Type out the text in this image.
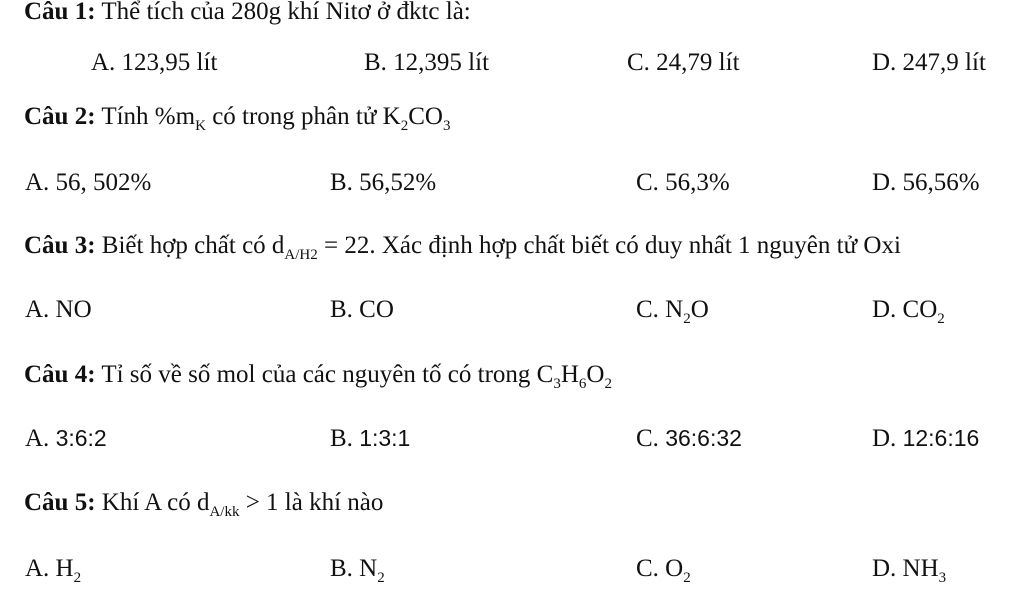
Câu 1: Thể tích của 280g khí Nitơ ở đktc là:
A. 123,95 lít	B. 12,395 lít	C. 24,79 lít	D. 247,9 lít
Câu 2: Tính $\%m_K$ có trong phân tử $K_2CO_3$
A. 56, 502%	B. 56,52%	C. 56,3%	D. 56,56%
Câu 3: Biết hợp chất có $d_{A/H2} = 22$. Xác định hợp chất biết có duy nhất 1 nguyên tử Oxi
A. NO	B. CO	C. $N_2O$	D. $CO_2$
Câu 4: Tỉ số về số mol của các nguyên tố có trong $C_3H_6O_2$
A. 3:6:2	B. 1:3:1	C. 36:6:32	D. 12:6:16
Câu 5: Khí A có $d_{A/kk} > 1$ là khí nào
A. $H_2$	B. $N_2$	C. $O_2$	D. $NH_3$
